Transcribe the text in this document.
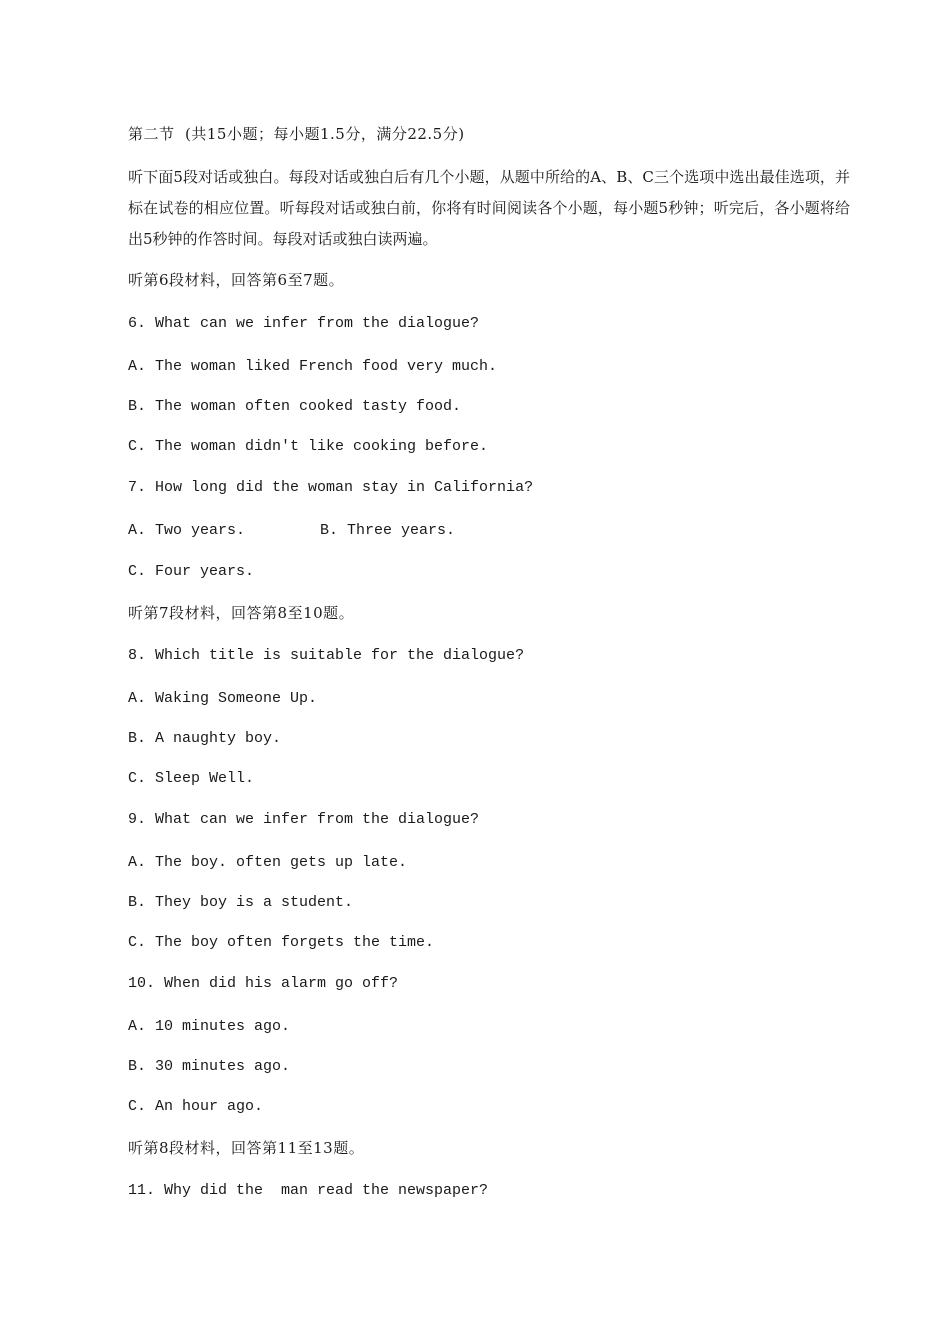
第二节  (共15小题；每小题1.5分，满分22.5分)
听下面5段对话或独白。每段对话或独白后有几个小题，从题中所给的A、B、C三个选项中选出最佳选项，并标在试卷的相应位置。听每段对话或独白前，你将有时间阅读各个小题，每小题5秒钟；听完后，各小题将给出5秒钟的作答时间。每段对话或独白读两遍。
听第6段材料，回答第6至7题。
6. What can we infer from the dialogue?
A. The woman liked French food very much.
B. The woman often cooked tasty food.
C. The woman didn't like cooking before.
7. How long did the woman stay in California?
A. Two years.	B. Three years.
C. Four years.
听第7段材料，回答第8至10题。
8. Which title is suitable for the dialogue?
A. Waking Someone Up.
B. A naughty boy.
C. Sleep Well.
9. What can we infer from the dialogue?
A. The boy. often gets up late.
B. They boy is a student.
C. The boy often forgets the time.
10. When did his alarm go off?
A. 10 minutes ago.
B. 30 minutes ago.
C. An hour ago.
听第8段材料，回答第11至13题。
11. Why did the  man read the newspaper?
